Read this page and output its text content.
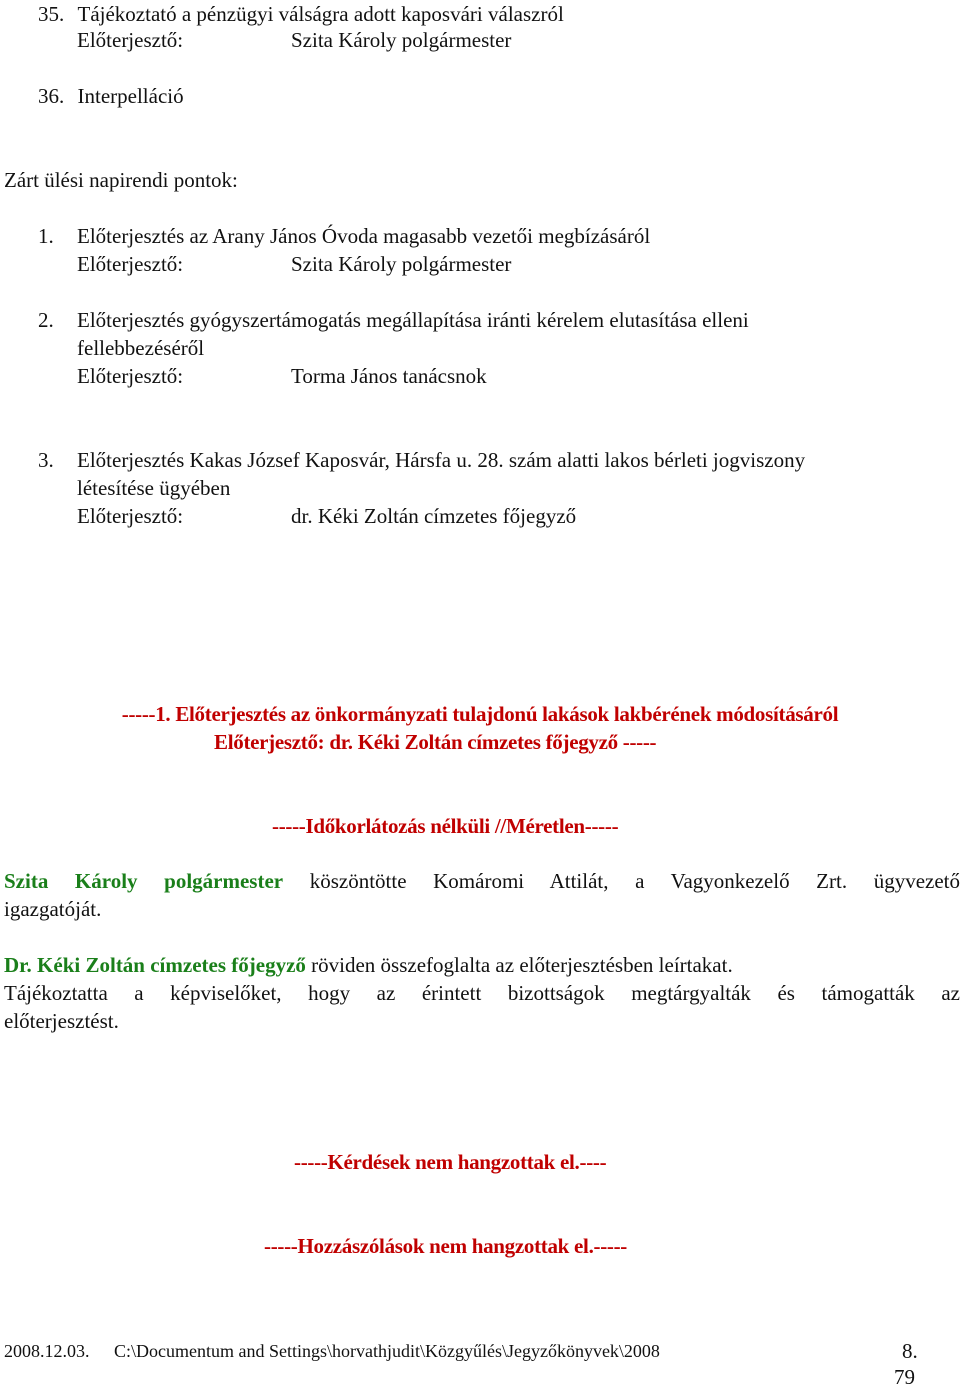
35. Tájékoztató a pénzügyi válságra adott kaposvári válaszról
Előterjesztő:	Szita Károly polgármester
36. Interpelláció
Zárt ülési napirendi pontok:
1. Előterjesztés az Arany János Óvoda magasabb vezetői megbízásáról
Előterjesztő:	Szita Károly polgármester
2. Előterjesztés gyógyszertámogatás megállapítása iránti kérelem elutasítása elleni
fellebbezéséről
Előterjesztő:	Torma János tanácsnok
3. Előterjesztés Kakas József Kaposvár, Hársfa u. 28. szám alatti lakos bérleti jogviszony
létesítése ügyében
Előterjesztő:	dr. Kéki Zoltán címzetes főjegyző
-----1. Előterjesztés az önkormányzati tulajdonú lakások lakbérének módosításáról
Előterjesztő: dr. Kéki Zoltán címzetes főjegyző -----
-----Időkorlátozás nélküli //Méretlen-----
Szita Károly polgármester köszöntötte Komáromi Attilát, a Vagyonkezelő Zrt. ügyvezető
igazgatóját.
Dr. Kéki Zoltán címzetes főjegyző röviden összefoglalta az előterjesztésben leírtakat.
Tájékoztatta a képviselőket, hogy az érintett bizottságok megtárgyalták és támogatták az
előterjesztést.
-----Kérdések nem hangzottak el.----
-----Hozzászólások nem hangzottak el.-----
2008.12.03. C:\Documentum and Settings\horvathjudit\Közgyűlés\Jegyzőkönyvek\2008	8.
79
